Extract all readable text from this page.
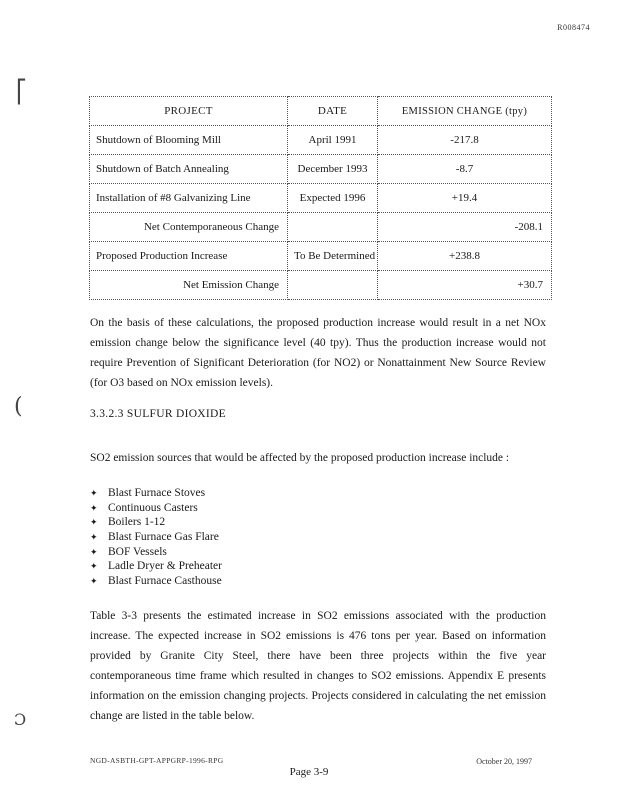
R008474
⎡
(
Ɔ
PROJECT	DATE	EMISSION CHANGE (tpy)
Shutdown of Blooming Mill	April 1991	-217.8
Shutdown of Batch Annealing	December 1993	-8.7
Installation of #8 Galvanizing Line	Expected 1996	+19.4
Net Contemporaneous Change		-208.1
Proposed Production Increase	To Be Determined	+238.8
Net Emission Change		+30.7
On the basis of these calculations, the proposed production increase would result in a net NOx emission change below the significance level (40 tpy). Thus the production increase would not require Prevention of Significant Deterioration (for NO2) or Nonattainment New Source Review (for O3 based on NOx emission levels).
3.3.2.3 SULFUR DIOXIDE
SO2 emission sources that would be affected by the proposed production increase include :
✦ Blast Furnace Stoves
✦ Continuous Casters
✦ Boilers 1-12
✦ Blast Furnace Gas Flare
✦ BOF Vessels
✦ Ladle Dryer & Preheater
✦ Blast Furnace Casthouse
Table 3-3 presents the estimated increase in SO2 emissions associated with the production increase. The expected increase in SO2 emissions is 476 tons per year. Based on information provided by Granite City Steel, there have been three projects within the five year contemporaneous time frame which resulted in changes to SO2 emissions. Appendix E presents information on the emission changing projects. Projects considered in calculating the net emission change are listed in the table below.
NGD-ASBTH-GPT-APPGRP-1996-RPG	October 20, 1997
Page 3-9
